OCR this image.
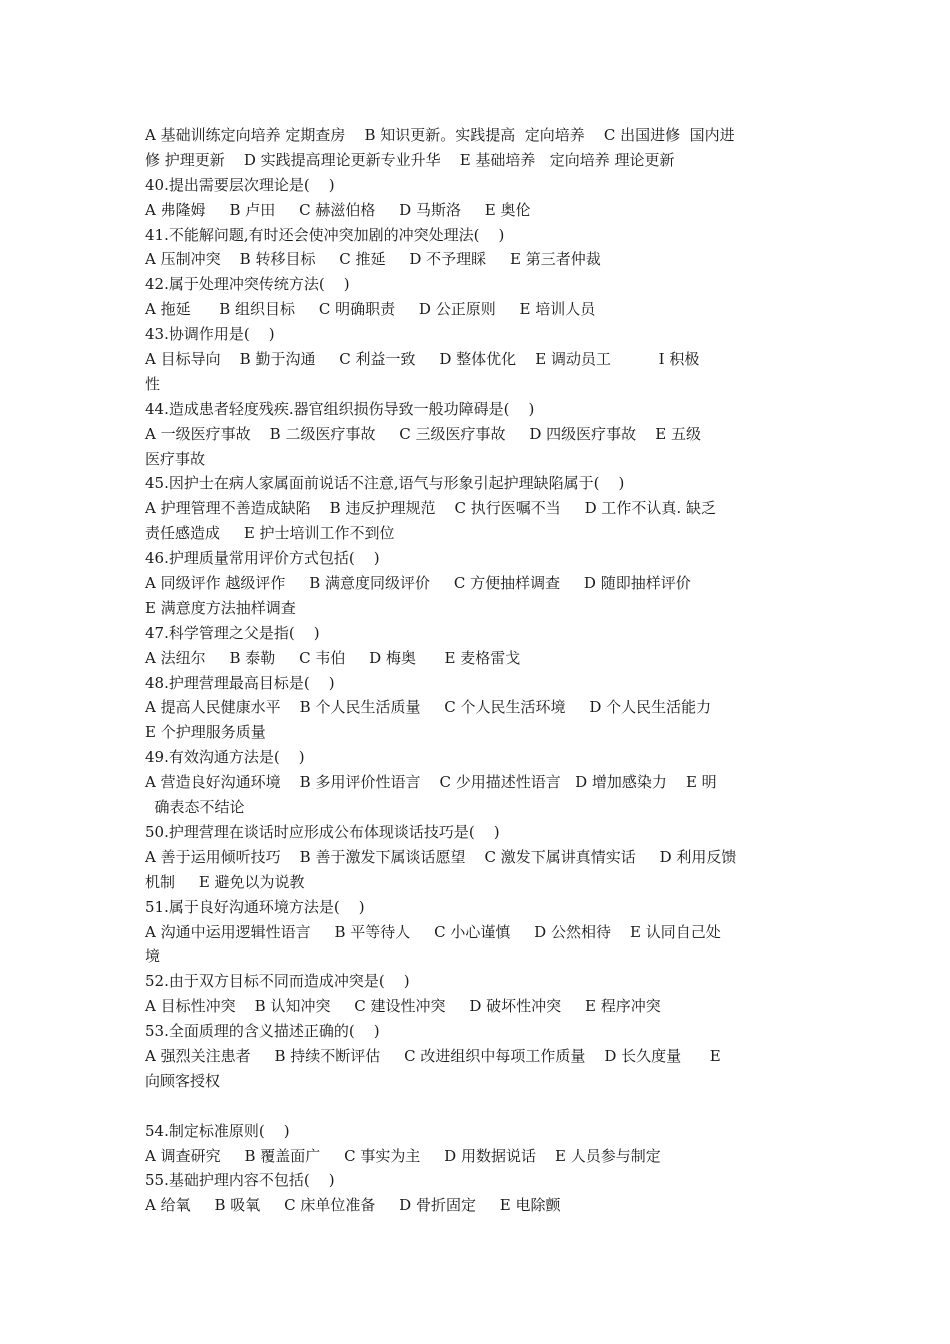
A 基础训练定向培养 定期查房    B 知识更新。实践提高  定向培养    C 出国进修  国内进
修 护理更新    D 实践提高理论更新专业升华    E 基础培养   定向培养 理论更新
40.提出需要层次理论是(    )
A 弗隆姆     B 卢田     C 赫滋伯格     D 马斯洛     E 奥伦
41.不能解问题,有时还会使冲突加剧的冲突处理法(    )
A 压制冲突    B 转移目标     C 推延     D 不予理睬     E 第三者仲裁
42.属于处理冲突传统方法(    )
A 拖延      B 组织目标     C 明确职责     D 公正原则     E 培训人员
43.协调作用是(    )
A 目标导向    B 勤于沟通     C 利益一致     D 整体优化    E 调动员工          I 积极
性
44.造成患者轻度残疾.器官组织损伤导致一般功障碍是(    )
A 一级医疗事故    B 二级医疗事故     C 三级医疗事故     D 四级医疗事故    E 五级
医疗事故
45.因护士在病人家属面前说话不注意,语气与形象引起护理缺陷属于(    )
A 护理管理不善造成缺陷    B 违反护理规范    C 执行医嘱不当     D 工作不认真. 缺乏
责任感造成     E 护士培训工作不到位
46.护理质量常用评价方式包括(    )
A 同级评作 越级评作     B 满意度同级评价     C 方便抽样调查     D 随即抽样评价
E 满意度方法抽样调查
47.科学管理之父是指(    )
A 法纽尔     B 泰勒     C 韦伯     D 梅奥      E 麦格雷戈
48.护理营理最高目标是(    )
A 提高人民健康水平    B 个人民生活质量     C 个人民生活环境     D 个人民生活能力
E 个护理服务质量
49.有效沟通方法是(    )
A 营造良好沟通环境    B 多用评价性语言    C 少用描述性语言   D 增加感染力    E 明
确表态不结论
50.护理营理在谈话时应形成公布体现谈话技巧是(    )
A 善于运用倾听技巧    B 善于激发下属谈话愿望    C 激发下属讲真情实话     D 利用反馈
机制     E 避免以为说教
51.属于良好沟通环境方法是(    )
A 沟通中运用逻辑性语言     B 平等待人     C 小心谨慎     D 公然相待    E 认同自己处
境
52.由于双方目标不同而造成冲突是(    )
A 目标性冲突    B 认知冲突     C 建设性冲突     D 破坏性冲突     E 程序冲突
53.全面质理的含义描述正确的(    )
A 强烈关注患者     B 持续不断评估     C 改进组织中每项工作质量    D 长久度量      E
向顾客授权
54.制定标准原则(    )
A 调查研究     B 覆盖面广     C 事实为主     D 用数据说话    E 人员参与制定
55.基础护理内容不包括(    )
A 给氧     B 吸氧     C 床单位准备     D 骨折固定     E 电除颤
